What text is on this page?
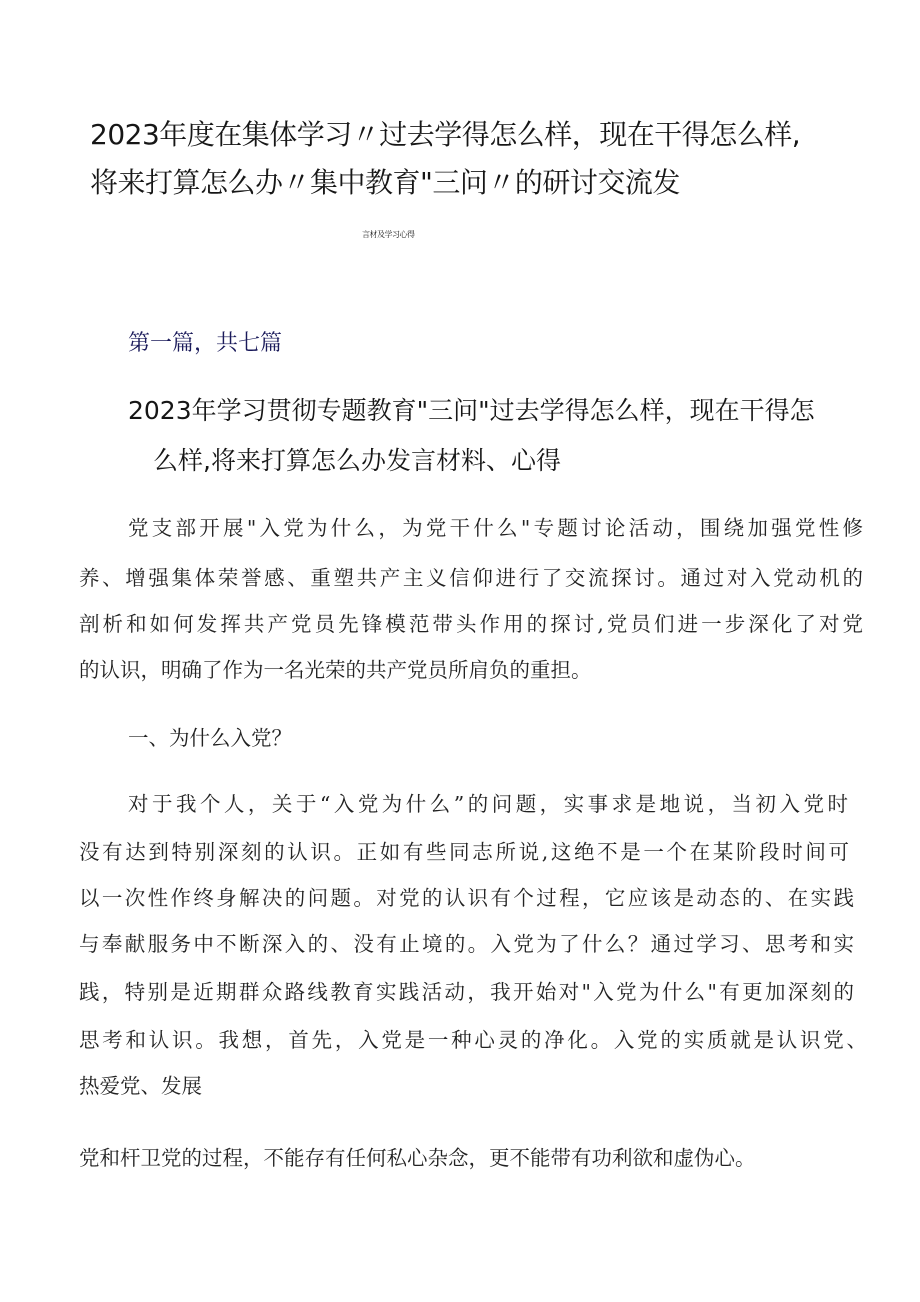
2023年度在集体学习〃过去学得怎么样，现在干得怎么样,
将来打算怎么办〃集中教育"三问〃的研讨交流发
言材及学习心得
第一篇，共七篇
2023年学习贯彻专题教育"三问"过去学得怎么样，现在干得怎
么样,将来打算怎么办发言材料、心得
党支部开展"入党为什么，为党干什么"专题讨论活动，围绕加强党性修
养、增强集体荣誉感、重塑共产主义信仰进行了交流探讨。通过对入党动机的
剖析和如何发挥共产党员先锋模范带头作用的探讨,党员们进一步深化了对党
的认识，明确了作为一名光荣的共产党员所肩负的重担。
一、为什么入党？
对于我个人，关于“入党为什么”的问题，实事求是地说，当初入党时
没有达到特别深刻的认识。正如有些同志所说,这绝不是一个在某阶段时间可
以一次性作终身解决的问题。对党的认识有个过程，它应该是动态的、在实践
与奉献服务中不断深入的、没有止境的。入党为了什么？通过学习、思考和实
践，特别是近期群众路线教育实践活动，我开始对"入党为什么"有更加深刻的
思考和认识。我想，首先，入党是一种心灵的净化。入党的实质就是认识党、
热爱党、发展
党和杆卫党的过程，不能存有任何私心杂念，更不能带有功利欲和虚伪心。
